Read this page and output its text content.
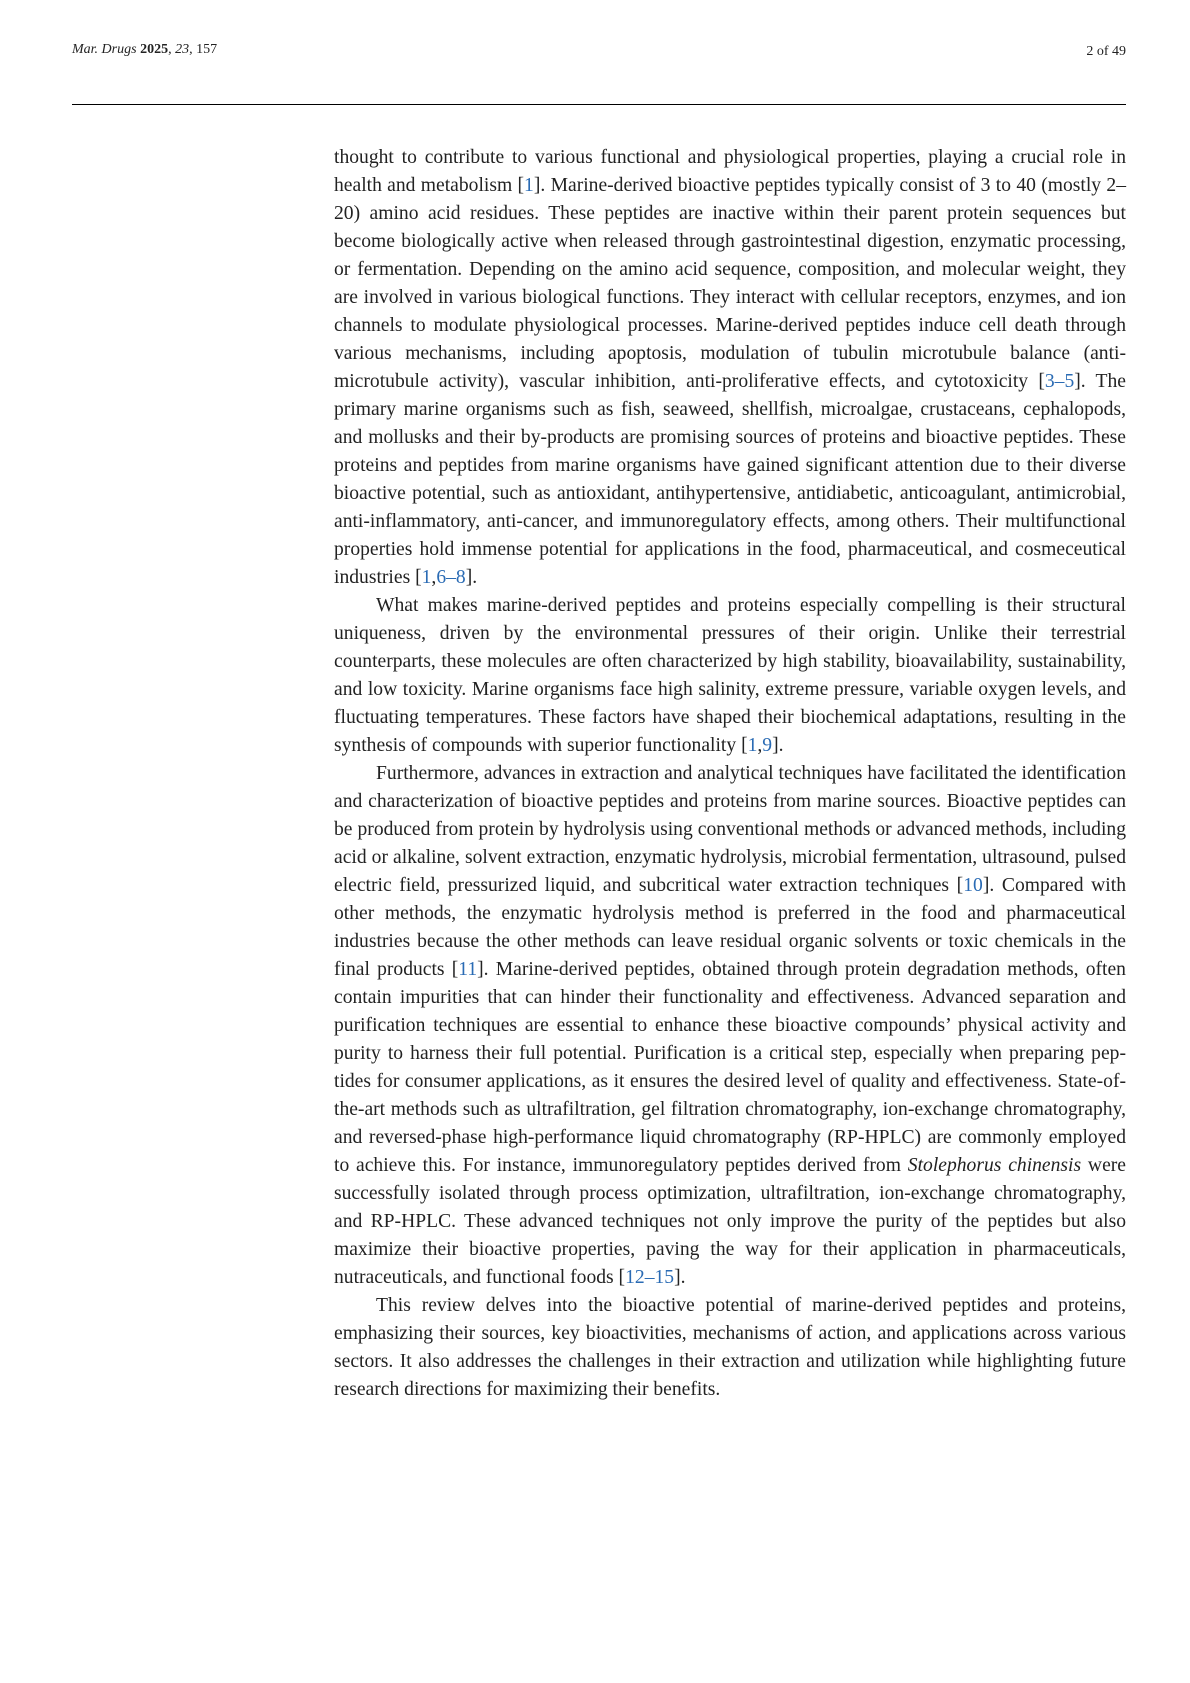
Mar. Drugs 2025, 23, 157	2 of 49

thought to contribute to various functional and physiological properties, playing a crucial role in health and metabolism [1]. Marine-derived bioactive peptides typically consist of 3 to 40 (mostly 2–20) amino acid residues. These peptides are inactive within their parent protein sequences but become biologically active when released through gastrointestinal digestion, enzymatic processing, or fermentation. Depending on the amino acid sequence, composition, and molecular weight, they are involved in various biological functions. They interact with cellular receptors, enzymes, and ion channels to modulate physiological processes. Marine-derived peptides induce cell death through various mechanisms, including apoptosis, modulation of tubulin microtubule balance (anti-microtubule activity), vascular inhibition, anti-proliferative effects, and cytotoxicity [3–5]. The primary marine organisms such as fish, seaweed, shellfish, microalgae, crustaceans, cephalopods, and mollusks and their by-products are promising sources of proteins and bioactive peptides. These proteins and peptides from marine organisms have gained significant attention due to their diverse bioactive potential, such as antioxidant, antihypertensive, antidiabetic, anticoagulant, antimicrobial, anti-inflammatory, anti-cancer, and immunoregulatory effects, among others. Their multifunctional properties hold immense potential for applications in the food, pharmaceutical, and cosmeceutical industries [1,6–8].

What makes marine-derived peptides and proteins especially compelling is their structural uniqueness, driven by the environmental pressures of their origin. Unlike their terrestrial counterparts, these molecules are often characterized by high stability, bioavailability, sustainability, and low toxicity. Marine organisms face high salinity, extreme pressure, variable oxygen levels, and fluctuating temperatures. These factors have shaped their biochemical adaptations, resulting in the synthesis of compounds with superior functionality [1,9].

Furthermore, advances in extraction and analytical techniques have facilitated the identification and characterization of bioactive peptides and proteins from marine sources. Bioactive peptides can be produced from protein by hydrolysis using conventional methods or advanced methods, including acid or alkaline, solvent extraction, enzymatic hydrolysis, microbial fermentation, ultrasound, pulsed electric field, pressurized liquid, and subcritical water extraction techniques [10]. Compared with other methods, the enzymatic hydrolysis method is preferred in the food and pharmaceutical industries because the other methods can leave residual organic solvents or toxic chemicals in the final products [11]. Marine-derived peptides, obtained through protein degradation methods, often contain impurities that can hinder their functionality and effectiveness. Advanced separation and purification techniques are essential to enhance these bioactive compounds’ physical activity and purity to harness their full potential. Purification is a critical step, especially when preparing peptides for consumer applications, as it ensures the desired level of quality and effectiveness. State-of-the-art methods such as ultrafiltration, gel filtration chromatography, ion-exchange chromatography, and reversed-phase high-performance liquid chromatography (RP-HPLC) are commonly employed to achieve this. For instance, immunoregulatory peptides derived from Stolephorus chinensis were successfully isolated through process optimization, ultrafiltration, ion-exchange chromatography, and RP-HPLC. These advanced techniques not only improve the purity of the peptides but also maximize their bioactive properties, paving the way for their application in pharmaceuticals, nutraceuticals, and functional foods [12–15].

This review delves into the bioactive potential of marine-derived peptides and proteins, emphasizing their sources, key bioactivities, mechanisms of action, and applications across various sectors. It also addresses the challenges in their extraction and utilization while highlighting future research directions for maximizing their benefits.
